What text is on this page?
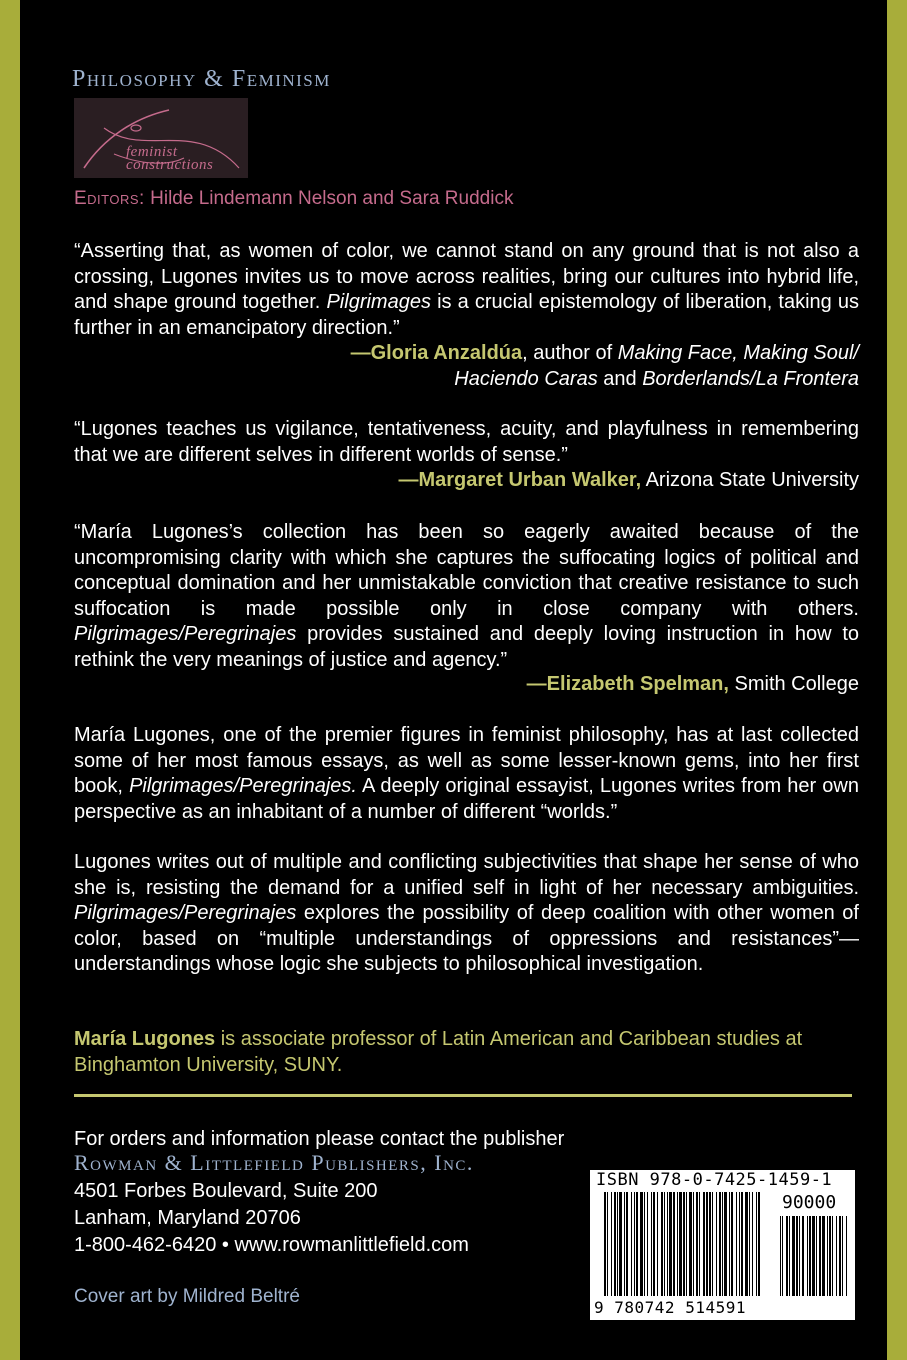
Philosophy & Feminism
feminist
constructions
Editors: Hilde Lindemann Nelson and Sara Ruddick
“Asserting that, as women of color, we cannot stand on any ground that is not also a crossing, Lugones invites us to move across realities, bring our cultures into hybrid life, and shape ground together. Pilgrimages is a crucial epistemology of liberation, taking us further in an emancipatory direction.”
—Gloria Anzaldúa, author of Making Face, Making Soul/
Haciendo Caras and Borderlands/La Frontera
“Lugones teaches us vigilance, tentativeness, acuity, and playfulness in remembering that we are different selves in different worlds of sense.”
—Margaret Urban Walker, Arizona State University
“María Lugones’s collection has been so eagerly awaited because of the uncompromising clarity with which she captures the suffocating logics of political and conceptual domination and her unmistakable conviction that creative resistance to such suffocation is made possible only in close company with others. Pilgrimages/Peregrinajes provides sustained and deeply loving instruction in how to rethink the very meanings of justice and agency.”
—Elizabeth Spelman, Smith College
María Lugones, one of the premier figures in feminist philosophy, has at last collected some of her most famous essays, as well as some lesser-known gems, into her first book, Pilgrimages/Peregrinajes. A deeply original essayist, Lugones writes from her own perspective as an inhabitant of a number of different “worlds.”
Lugones writes out of multiple and conflicting subjectivities that shape her sense of who she is, resisting the demand for a unified self in light of her necessary ambiguities. Pilgrimages/Peregrinajes explores the possibility of deep coalition with other women of color, based on “multiple understandings of oppressions and resistances”—understandings whose logic she subjects to philosophical investigation.
María Lugones is associate professor of Latin American and Caribbean studies at Binghamton University, SUNY.
For orders and information please contact the publisher
Rowman & Littlefield Publishers, Inc.
4501 Forbes Boulevard, Suite 200
Lanham, Maryland 20706
1-800-462-6420 • www.rowmanlittlefield.com
Cover art by Mildred Beltré
ISBN 978-0-7425-1459-1
90000
9 780742 514591
